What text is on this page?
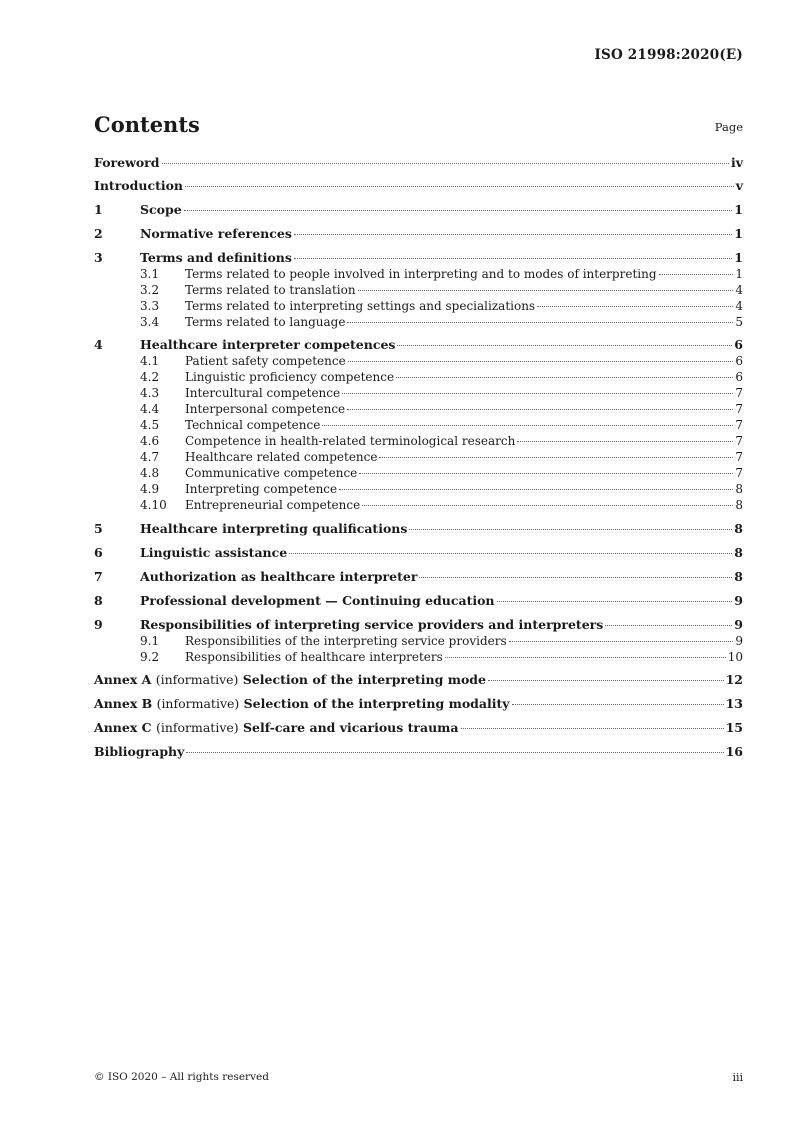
ISO 21998:2020(E)
Contents	Page
Foreword	iv
Introduction	v
1	Scope	1
2	Normative references	1
3	Terms and definitions	1
3.1	Terms related to people involved in interpreting and to modes of interpreting	1
3.2	Terms related to translation	4
3.3	Terms related to interpreting settings and specializations	4
3.4	Terms related to language	5
4	Healthcare interpreter competences	6
4.1	Patient safety competence	6
4.2	Linguistic proficiency competence	6
4.3	Intercultural competence	7
4.4	Interpersonal competence	7
4.5	Technical competence	7
4.6	Competence in health-related terminological research	7
4.7	Healthcare related competence	7
4.8	Communicative competence	7
4.9	Interpreting competence	8
4.10	Entrepreneurial competence	8
5	Healthcare interpreting qualifications	8
6	Linguistic assistance	8
7	Authorization as healthcare interpreter	8
8	Professional development — Continuing education	9
9	Responsibilities of interpreting service providers and interpreters	9
9.1	Responsibilities of the interpreting service providers	9
9.2	Responsibilities of healthcare interpreters	10
Annex A (informative) Selection of the interpreting mode	12
Annex B (informative) Selection of the interpreting modality	13
Annex C (informative) Self-care and vicarious trauma	15
Bibliography	16
© ISO 2020 – All rights reserved	iii
